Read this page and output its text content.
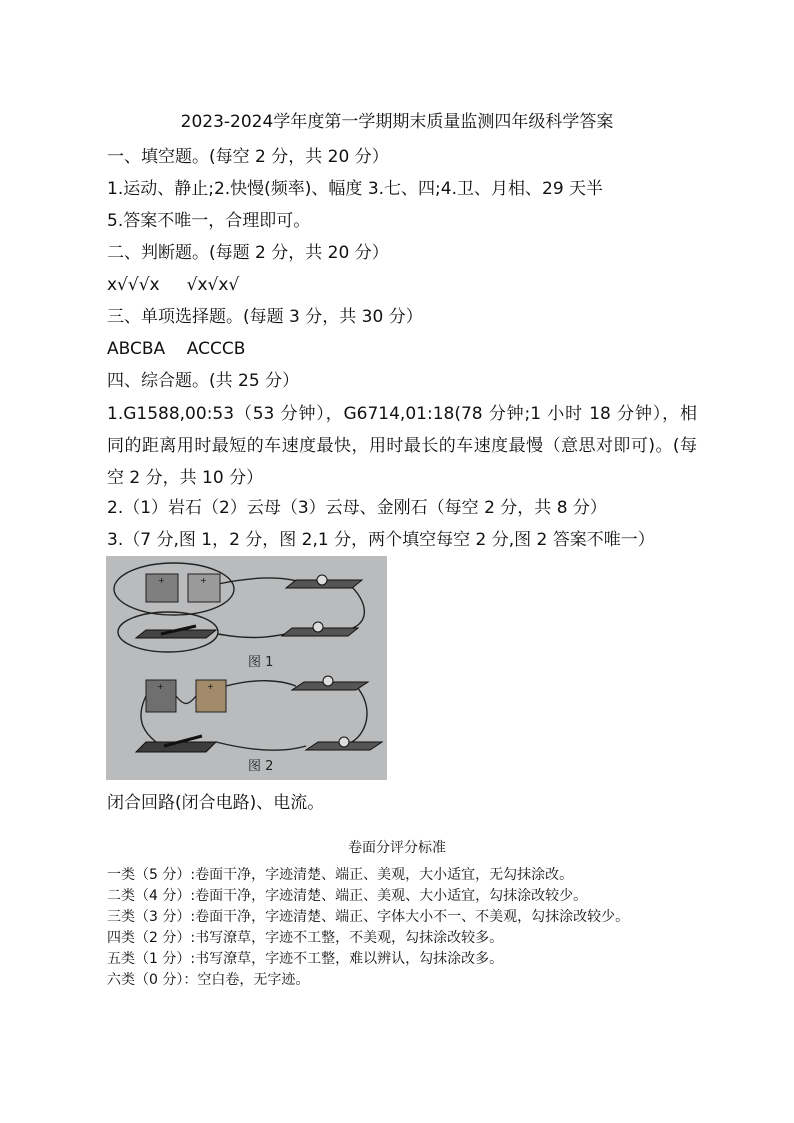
2023-2024学年度第一学期期末质量监测四年级科学答案
一、填空题。(每空 2 分，共 20 分）
1.运动、静止;2.快慢(频率)、幅度 3.七、四;4.卫、月相、29 天半
5.答案不唯一，合理即可。
二、判断题。(每题 2 分，共 20 分）
x√√√x     √x√x√
三、单项选择题。(每题 3 分，共 30 分）
ABCBA    ACCCB
四、综合题。(共 25 分）
1.G1588,00:53（53 分钟），G6714,01:18(78 分钟;1 小时 18 分钟），相同的距离用时最短的车速度最快，用时最长的车速度最慢（意思对即可)。(每空 2 分，共 10 分）
2.（1）岩石（2）云母（3）云母、金刚石（每空 2 分，共 8 分）
3.（7 分,图 1，2 分，图 2,1 分，两个填空每空 2 分,图 2 答案不唯一）
+	+
图 1
+	+
图 2
闭合回路(闭合电路)、电流。
卷面分评分标准
一类（5 分）:卷面干净，字迹清楚、端正、美观，大小适宜，无勾抹涂改。
二类（4 分）:卷面干净，字迹清楚、端正、美观、大小适宜，勾抹涂改较少。
三类（3 分）:卷面干净，字迹清楚、端正、字体大小不一、不美观，勾抹涂改较少。
四类（2 分）:书写潦草，字迹不工整，不美观，勾抹涂改较多。
五类（1 分）:书写潦草，字迹不工整，难以辨认，勾抹涂改多。
六类（0 分）：空白卷，无字迹。
